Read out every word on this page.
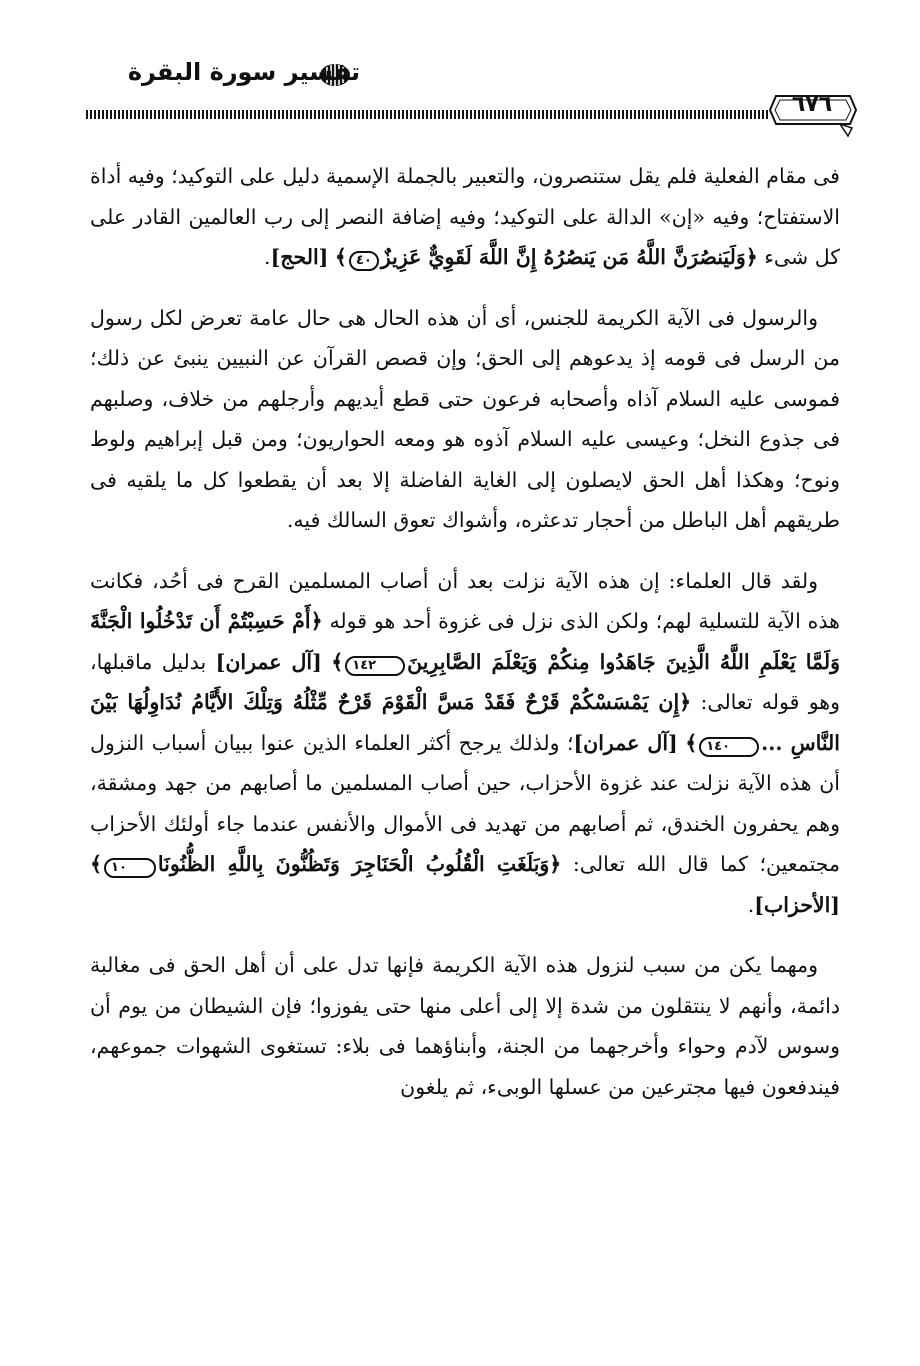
تفسير سورة البقرة
٦٧٦

فى مقام الفعلية فلم يقل ستنصرون، والتعبير بالجملة الإسمية دليل على التوكيد؛ وفيه أداة الاستفتاح؛ وفيه «إن» الدالة على التوكيد؛ وفيه إضافة النصر إلى رب العالمين القادر على كل شىء ﴿وَلَيَنصُرَنَّ اللَّهُ مَن يَنصُرُهُ إِنَّ اللَّهَ لَقَوِيٌّ عَزِيزٌ٤٠﴾ [الحج].

والرسول فى الآية الكريمة للجنس، أى أن هذه الحال هى حال عامة تعرض لكل رسول من الرسل فى قومه إذ يدعوهم إلى الحق؛ وإن قصص القرآن عن النبيين ينبئ عن ذلك؛ فموسى عليه السلام آذاه وأصحابه فرعون حتى قطع أيديهم وأرجلهم من خلاف، وصلبهم فى جذوع النخل؛ وعيسى عليه السلام آذوه هو ومعه الحواريون؛ ومن قبل إبراهيم ولوط ونوح؛ وهكذا أهل الحق لايصلون إلى الغاية الفاضلة إلا بعد أن يقطعوا كل ما يلقيه فى طريقهم أهل الباطل من أحجار تدعثره، وأشواك تعوق السالك فيه.

ولقد قال العلماء: إن هذه الآية نزلت بعد أن أصاب المسلمين القرح فى أحُد، فكانت هذه الآية للتسلية لهم؛ ولكن الذى نزل فى غزوة أحد هو قوله ﴿أَمْ حَسِبْتُمْ أَن تَدْخُلُوا الْجَنَّةَ وَلَمَّا يَعْلَمِ اللَّهُ الَّذِينَ جَاهَدُوا مِنكُمْ وَيَعْلَمَ الصَّابِرِينَ١٤٢﴾ [آل عمران] بدليل ماقبلها، وهو قوله تعالى: ﴿إِن يَمْسَسْكُمْ قَرْحٌ فَقَدْ مَسَّ الْقَوْمَ قَرْحٌ مِّثْلُهُ وَتِلْكَ الأَيَّامُ نُدَاوِلُهَا بَيْنَ النَّاسِ ...١٤٠﴾ [آل عمران]؛ ولذلك يرجح أكثر العلماء الذين عنوا ببيان أسباب النزول أن هذه الآية نزلت عند غزوة الأحزاب، حين أصاب المسلمين ما أصابهم من جهد ومشقة، وهم يحفرون الخندق، ثم أصابهم من تهديد فى الأموال والأنفس عندما جاء أولئك الأحزاب مجتمعين؛ كما قال الله تعالى: ﴿وَبَلَغَتِ الْقُلُوبُ الْحَنَاجِرَ وَتَظُنُّونَ بِاللَّهِ الظُّنُونَا١٠﴾ [الأحزاب].

ومهما يكن من سبب لنزول هذه الآية الكريمة فإنها تدل على أن أهل الحق فى مغالبة دائمة، وأنهم لا ينتقلون من شدة إلا إلى أعلى منها حتى يفوزوا؛ فإن الشيطان من يوم أن وسوس لآدم وحواء وأخرجهما من الجنة، وأبناؤهما فى بلاء: تستغوى الشهوات جموعهم، فيندفعون فيها مجترعين من عسلها الوبىء، ثم يلغون
